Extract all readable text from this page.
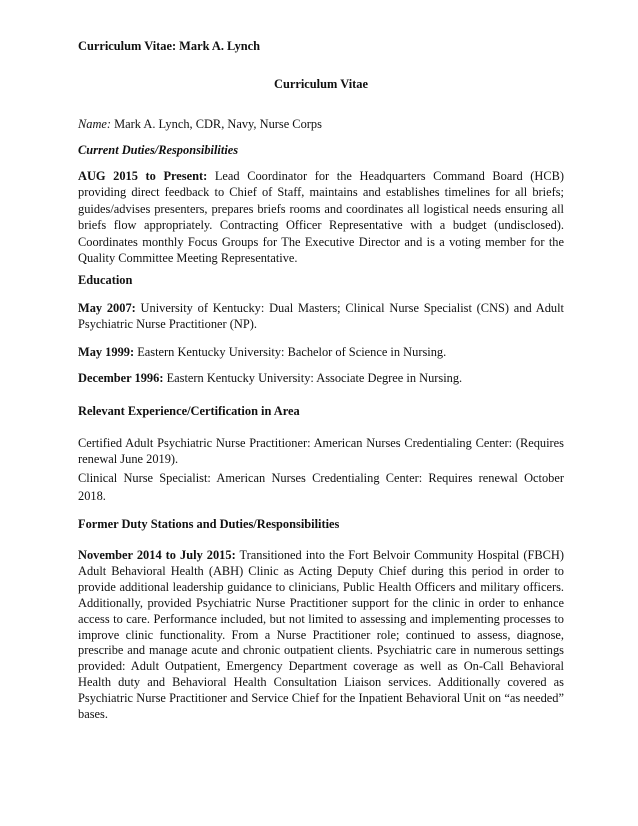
Curriculum Vitae: Mark A. Lynch

Curriculum Vitae

Name: Mark A. Lynch, CDR, Navy, Nurse Corps

Current Duties/Responsibilities

AUG 2015 to Present: Lead Coordinator for the Headquarters Command Board (HCB) providing direct feedback to Chief of Staff, maintains and establishes timelines for all briefs; guides/advises presenters, prepares briefs rooms and coordinates all logistical needs ensuring all briefs flow appropriately. Contracting Officer Representative with a budget (undisclosed). Coordinates monthly Focus Groups for The Executive Director and is a voting member for the Quality Committee Meeting Representative.

Education

May 2007: University of Kentucky: Dual Masters; Clinical Nurse Specialist (CNS) and Adult Psychiatric Nurse Practitioner (NP).

May 1999: Eastern Kentucky University: Bachelor of Science in Nursing.

December 1996: Eastern Kentucky University: Associate Degree in Nursing.

Relevant Experience/Certification in Area

Certified Adult Psychiatric Nurse Practitioner: American Nurses Credentialing Center: (Requires renewal June 2019).

Clinical Nurse Specialist: American Nurses Credentialing Center: Requires renewal October 2018.

Former Duty Stations and Duties/Responsibilities

November 2014 to July 2015: Transitioned into the Fort Belvoir Community Hospital (FBCH) Adult Behavioral Health (ABH) Clinic as Acting Deputy Chief during this period in order to provide additional leadership guidance to clinicians, Public Health Officers and military officers. Additionally, provided Psychiatric Nurse Practitioner support for the clinic in order to enhance access to care. Performance included, but not limited to assessing and implementing processes to improve clinic functionality. From a Nurse Practitioner role; continued to assess, diagnose, prescribe and manage acute and chronic outpatient clients. Psychiatric care in numerous settings provided: Adult Outpatient, Emergency Department coverage as well as On-Call Behavioral Health duty and Behavioral Health Consultation Liaison services. Additionally covered as Psychiatric Nurse Practitioner and Service Chief for the Inpatient Behavioral Unit on “as needed” bases.
